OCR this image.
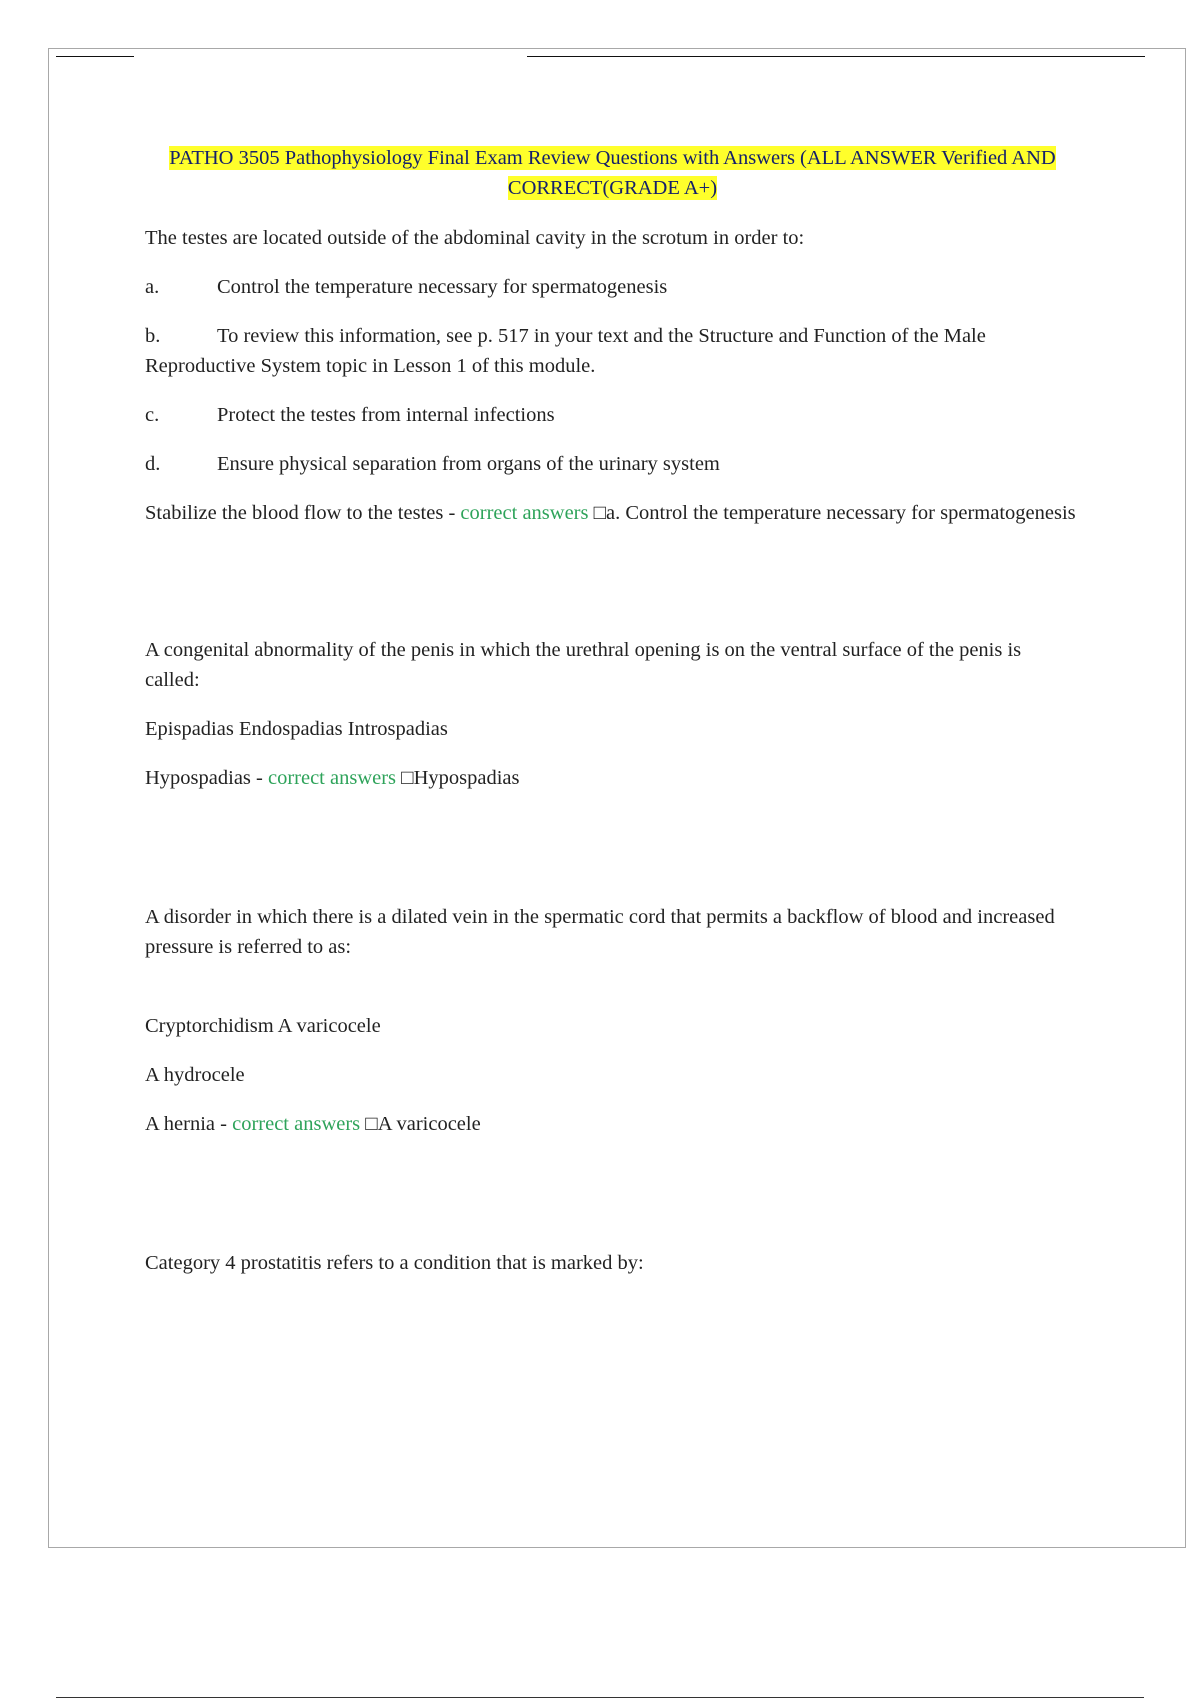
PATHO 3505 Pathophysiology Final Exam Review Questions with Answers (ALL ANSWER Verified AND CORRECT(GRADE A+)

The testes are located outside of the abdominal cavity in the scrotum in order to:

a.	Control the temperature necessary for spermatogenesis
b.	To review this information, see p. 517 in your text and the Structure and Function of the Male Reproductive System topic in Lesson 1 of this module.
c.	Protect the testes from internal infections
d.	Ensure physical separation from organs of the urinary system

Stabilize the blood flow to the testes - correct answers □a. Control the temperature necessary for spermatogenesis

A congenital abnormality of the penis in which the urethral opening is on the ventral surface of the penis is called:

Epispadias Endospadias Introspadias

Hypospadias - correct answers □Hypospadias

A disorder in which there is a dilated vein in the spermatic cord that permits a backflow of blood and increased pressure is referred to as:

Cryptorchidism A varicocele

A hydrocele

A hernia - correct answers □A varicocele

Category 4 prostatitis refers to a condition that is marked by:
